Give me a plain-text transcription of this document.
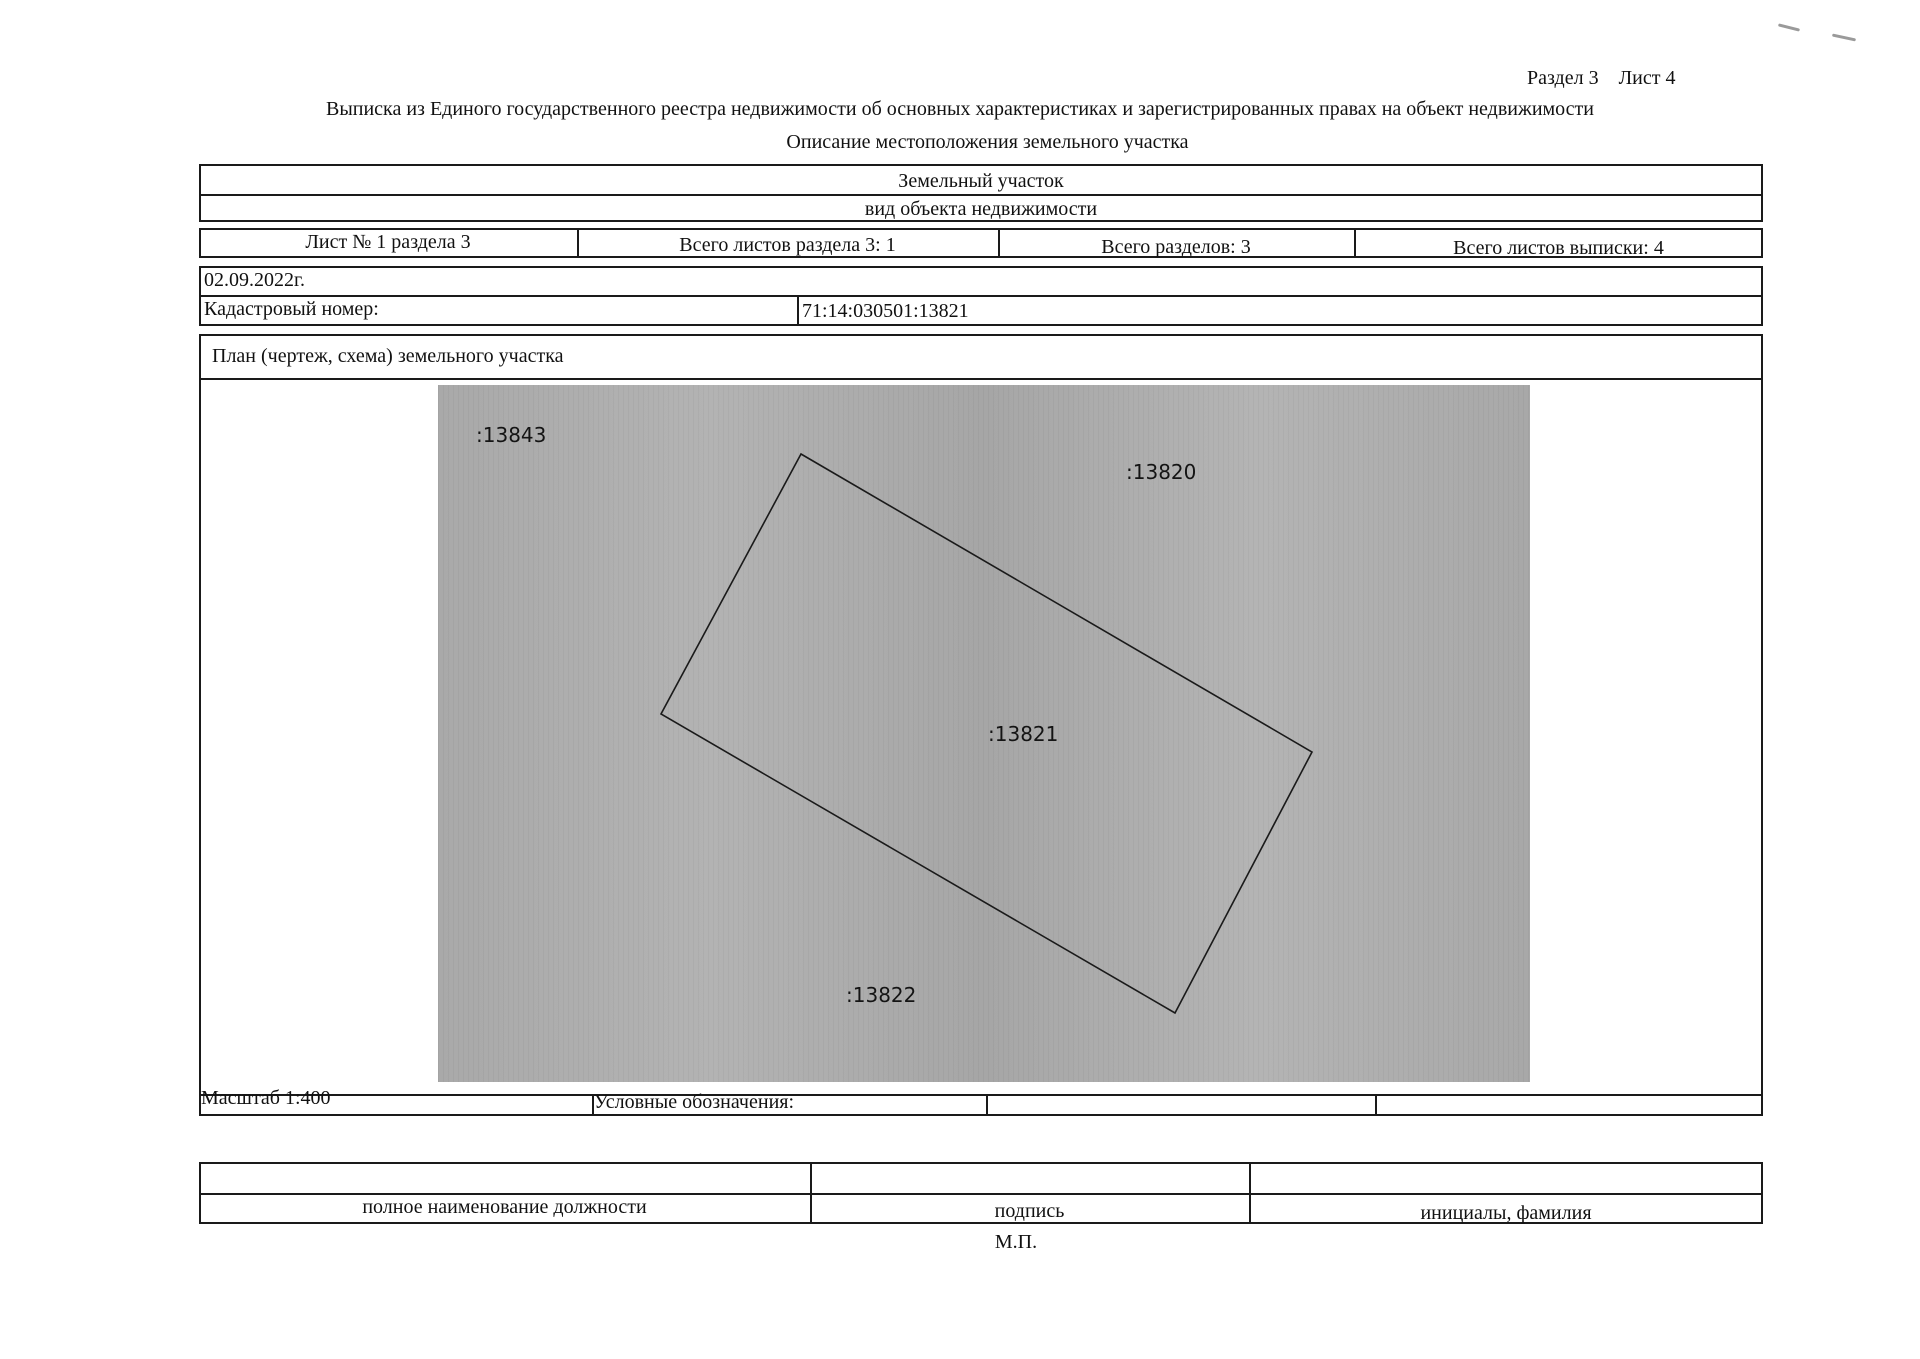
Раздел 3    Лист 4
Выписка из Единого государственного реестра недвижимости об основных характеристиках и зарегистрированных правах на объект недвижимости
Описание местоположения земельного участка
Земельный участок
вид объекта недвижимости
Лист № 1 раздела 3	Всего листов раздела 3: 1	Всего разделов: 3	Всего листов выписки: 4
02.09.2022г.
Кадастровый номер:	71:14:030501:13821
План (чертеж, схема) земельного участка
:13843
:13820
:13821
:13822
Масштаб 1:400	Условные обозначения:
полное наименование должности	подпись	инициалы, фамилия
М.П.
